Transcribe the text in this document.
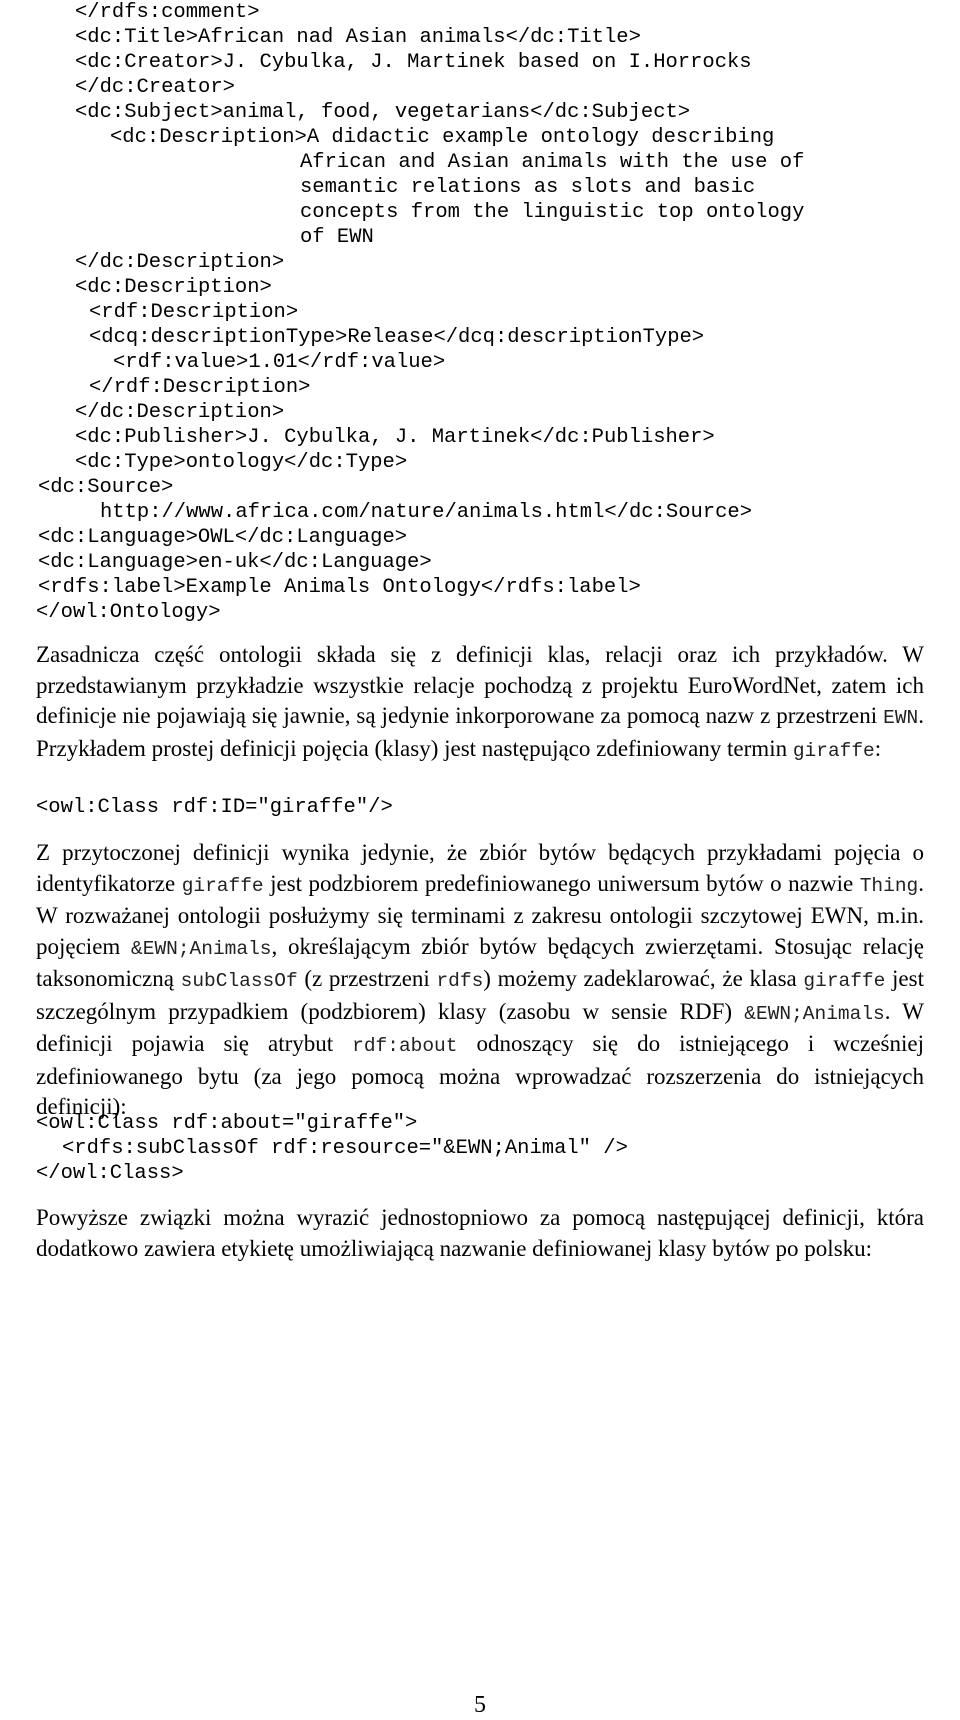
</rdfs:comment>

<dc:Title>African nad Asian animals</dc:Title>

<dc:Creator>J. Cybulka, J. Martinek based on I.Horrocks

</dc:Creator>

<dc:Subject>animal, food, vegetarians</dc:Subject>

<dc:Description>A didactic example ontology describing

African and Asian animals with the use of

semantic relations as slots and basic

concepts from the linguistic top ontology

of EWN

</dc:Description>

<dc:Description>

<rdf:Description>

<dcq:descriptionType>Release</dcq:descriptionType>

<rdf:value>1.01</rdf:value>

</rdf:Description>

</dc:Description>

<dc:Publisher>J. Cybulka, J. Martinek</dc:Publisher>

<dc:Type>ontology</dc:Type>

<dc:Source>

http://www.africa.com/nature/animals.html</dc:Source>

<dc:Language>OWL</dc:Language>

<dc:Language>en-uk</dc:Language>

<rdfs:label>Example Animals Ontology</rdfs:label>

</owl:Ontology>

Zasadnicza część ontologii składa się z definicji klas, relacji oraz ich przykładów. W przedstawianym przykładzie wszystkie relacje pochodzą z projektu EuroWordNet, zatem ich definicje nie pojawiają się jawnie, są jedynie inkorporowane za pomocą nazw z przestrzeni EWN. Przykładem prostej definicji pojęcia (klasy) jest następująco zdefiniowany termin giraffe:

<owl:Class rdf:ID="giraffe"/>

Z przytoczonej definicji wynika jedynie, że zbiór bytów będących przykładami pojęcia o identyfikatorze giraffe jest podzbiorem predefiniowanego uniwersum bytów o nazwie Thing. W rozważanej ontologii posłużymy się terminami z zakresu ontologii szczytowej EWN, m.in. pojęciem &EWN;Animals, określającym zbiór bytów będących zwierzętami. Stosując relację taksonomiczną subClassOf (z przestrzeni rdfs) możemy zadeklarować, że klasa giraffe jest szczególnym przypadkiem (podzbiorem) klasy (zasobu w sensie RDF) &EWN;Animals. W definicji pojawia się atrybut rdf:about odnoszący się do istniejącego i wcześniej zdefiniowanego bytu (za jego pomocą można wprowadzać rozszerzenia do istniejących definicji):

<owl:Class rdf:about="giraffe">

<rdfs:subClassOf rdf:resource="&EWN;Animal" />

</owl:Class>

Powyższe związki można wyrazić jednostopniowo za pomocą następującej definicji, która dodatkowo zawiera etykietę umożliwiającą nazwanie definiowanej klasy bytów po polsku:

5
